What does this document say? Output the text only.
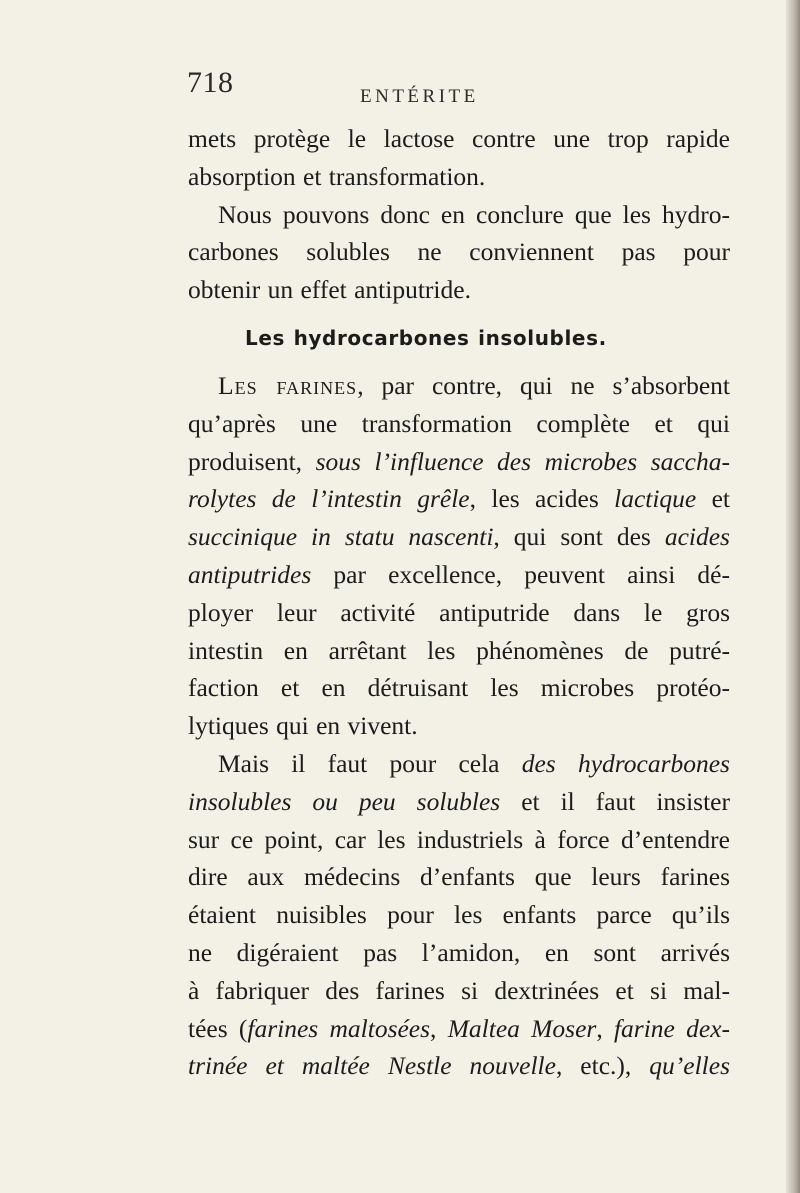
718	ENTÉRITE
mets protège le lactose contre une trop rapide
absorption et transformation.
Nous pouvons donc en conclure que les hydro-
carbones solubles ne conviennent pas pour
obtenir un effet antiputride.
Les hydrocarbones insolubles.
Les farines, par contre, qui ne s’absorbent
qu’après une transformation complète et qui
produisent, sous l’influence des microbes saccha-
rolytes de l’intestin grêle, les acides lactique et
succinique in statu nascenti, qui sont des acides
antiputrides par excellence, peuvent ainsi dé-
ployer leur activité antiputride dans le gros
intestin en arrêtant les phénomènes de putré-
faction et en détruisant les microbes protéo-
lytiques qui en vivent.
Mais il faut pour cela des hydrocarbones
insolubles ou peu solubles et il faut insister
sur ce point, car les industriels à force d’entendre
dire aux médecins d’enfants que leurs farines
étaient nuisibles pour les enfants parce qu’ils
ne digéraient pas l’amidon, en sont arrivés
à fabriquer des farines si dextrinées et si mal-
tées (farines maltosées, Maltea Moser, farine dex-
trinée et maltée Nestle nouvelle, etc.), qu’elles
